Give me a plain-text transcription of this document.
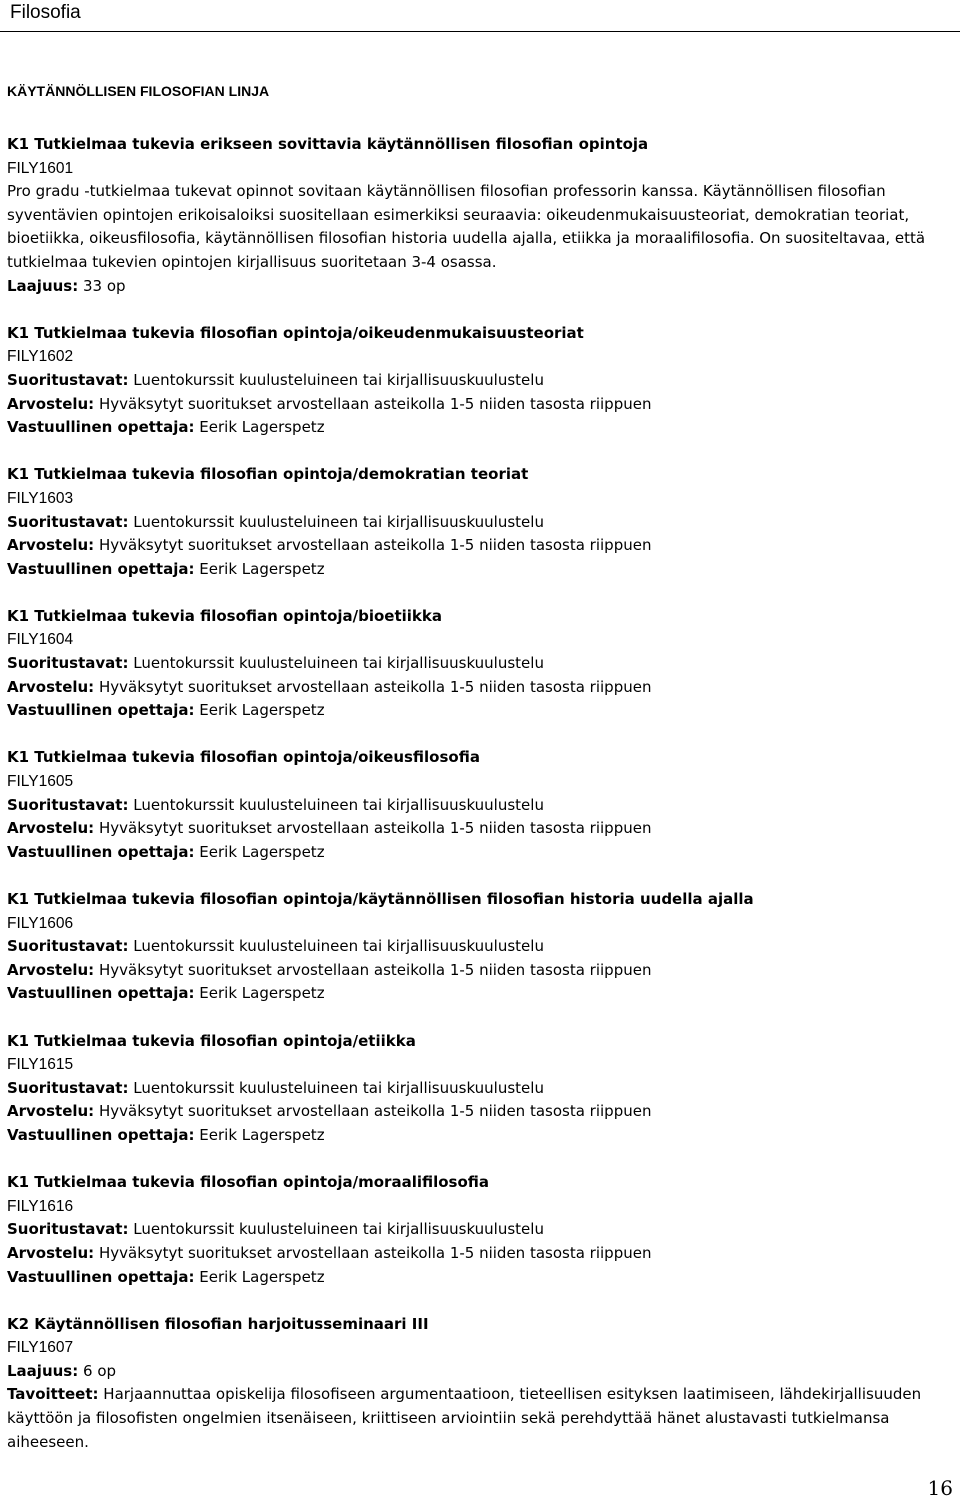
Filosofia
KÄYTÄNNÖLLISEN FILOSOFIAN LINJA
K1 Tutkielmaa tukevia erikseen sovittavia käytännöllisen filosofian opintoja
FILY1601

Pro gradu -tutkielmaa tukevat opinnot sovitaan käytännöllisen filosofian professorin kanssa. Käytännöllisen filosofian syventävien opintojen erikoisaloiksi suositellaan esimerkiksi seuraavia: oikeudenmukaisuusteoriat, demokratian teoriat, bioetiikka, oikeusfilosofia, käytännöllisen filosofian historia uudella ajalla, etiikka ja moraalifilosofia. On suositeltavaa, että tutkielmaa tukevien opintojen kirjallisuus suoritetaan 3-4 osassa.

Laajuus: 33 op
K1 Tutkielmaa tukevia filosofian opintoja/oikeudenmukaisuusteoriat
FILY1602
Suoritustavat: Luentokurssit kuulusteluineen tai kirjallisuuskuulustelu
Arvostelu: Hyväksytyt suoritukset arvostellaan asteikolla 1-5 niiden tasosta riippuen
Vastuullinen opettaja: Eerik Lagerspetz
K1 Tutkielmaa tukevia filosofian opintoja/demokratian teoriat
FILY1603
Suoritustavat: Luentokurssit kuulusteluineen tai kirjallisuuskuulustelu
Arvostelu: Hyväksytyt suoritukset arvostellaan asteikolla 1-5 niiden tasosta riippuen
Vastuullinen opettaja: Eerik Lagerspetz
K1 Tutkielmaa tukevia filosofian opintoja/bioetiikka
FILY1604
Suoritustavat: Luentokurssit kuulusteluineen tai kirjallisuuskuulustelu
Arvostelu: Hyväksytyt suoritukset arvostellaan asteikolla 1-5 niiden tasosta riippuen
Vastuullinen opettaja: Eerik Lagerspetz
K1 Tutkielmaa tukevia filosofian opintoja/oikeusfilosofia
FILY1605
Suoritustavat: Luentokurssit kuulusteluineen tai kirjallisuuskuulustelu
Arvostelu: Hyväksytyt suoritukset arvostellaan asteikolla 1-5 niiden tasosta riippuen
Vastuullinen opettaja: Eerik Lagerspetz
K1 Tutkielmaa tukevia filosofian opintoja/käytännöllisen filosofian historia uudella ajalla
FILY1606
Suoritustavat: Luentokurssit kuulusteluineen tai kirjallisuuskuulustelu
Arvostelu: Hyväksytyt suoritukset arvostellaan asteikolla 1-5 niiden tasosta riippuen
Vastuullinen opettaja: Eerik Lagerspetz
K1 Tutkielmaa tukevia filosofian opintoja/etiikka
FILY1615
Suoritustavat: Luentokurssit kuulusteluineen tai kirjallisuuskuulustelu
Arvostelu: Hyväksytyt suoritukset arvostellaan asteikolla 1-5 niiden tasosta riippuen
Vastuullinen opettaja: Eerik Lagerspetz
K1 Tutkielmaa tukevia filosofian opintoja/moraalifilosofia
FILY1616
Suoritustavat: Luentokurssit kuulusteluineen tai kirjallisuuskuulustelu
Arvostelu: Hyväksytyt suoritukset arvostellaan asteikolla 1-5 niiden tasosta riippuen
Vastuullinen opettaja: Eerik Lagerspetz
K2 Käytännöllisen filosofian harjoitusseminaari III
FILY1607
Laajuus: 6 op
Tavoitteet: Harjaannuttaa opiskelija filosofiseen argumentaatioon, tieteellisen esityksen laatimiseen, lähdekirjallisuuden käyttöön ja filosofisten ongelmien itsenäiseen, kriittiseen arviointiin sekä perehdyttää hänet alustavasti tutkielmansa aiheeseen.
16
